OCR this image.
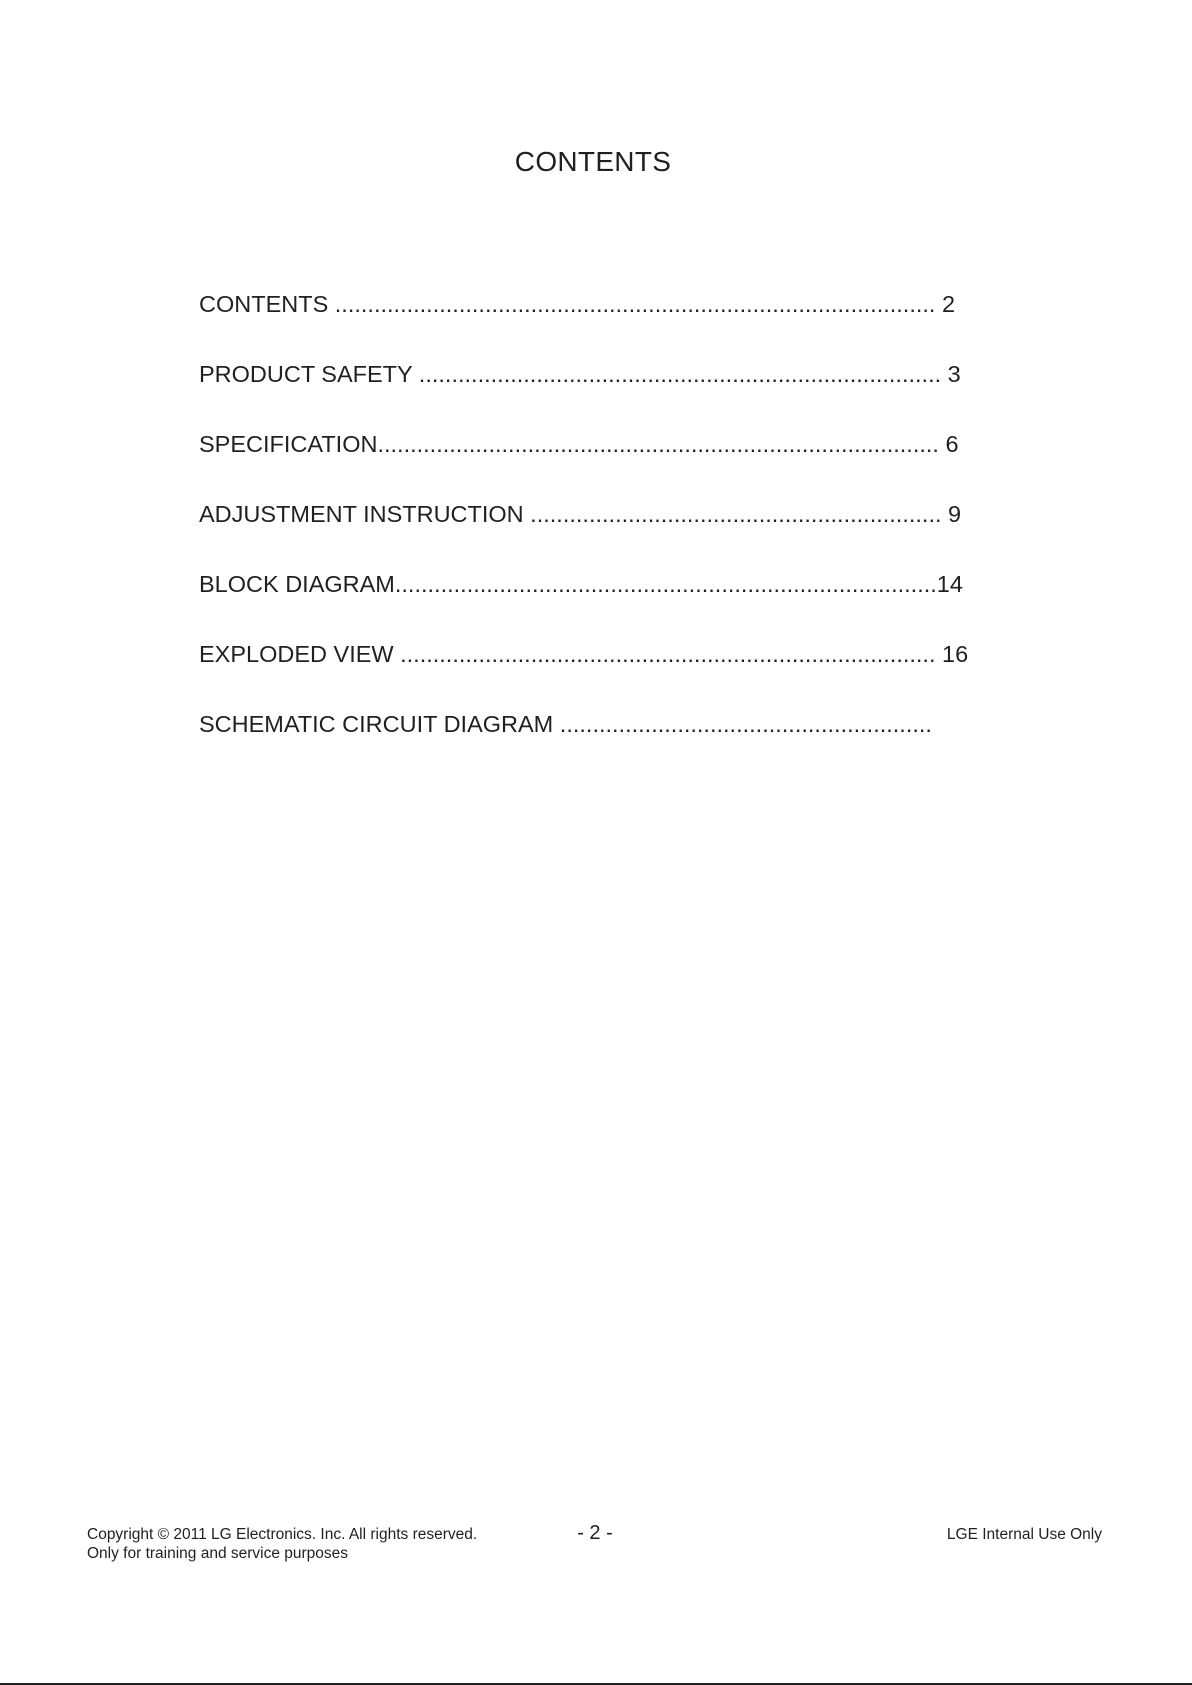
CONTENTS
CONTENTS ............................................................................................ 2
PRODUCT SAFETY ................................................................................ 3
SPECIFICATION...................................................................................... 6
ADJUSTMENT INSTRUCTION ............................................................... 9
BLOCK DIAGRAM...................................................................................14
EXPLODED VIEW .................................................................................. 16
SCHEMATIC CIRCUIT DIAGRAM .........................................................
Copyright © 2011 LG Electronics. Inc. All rights reserved.
Only for training and service purposes
- 2 -	LGE Internal Use Only
